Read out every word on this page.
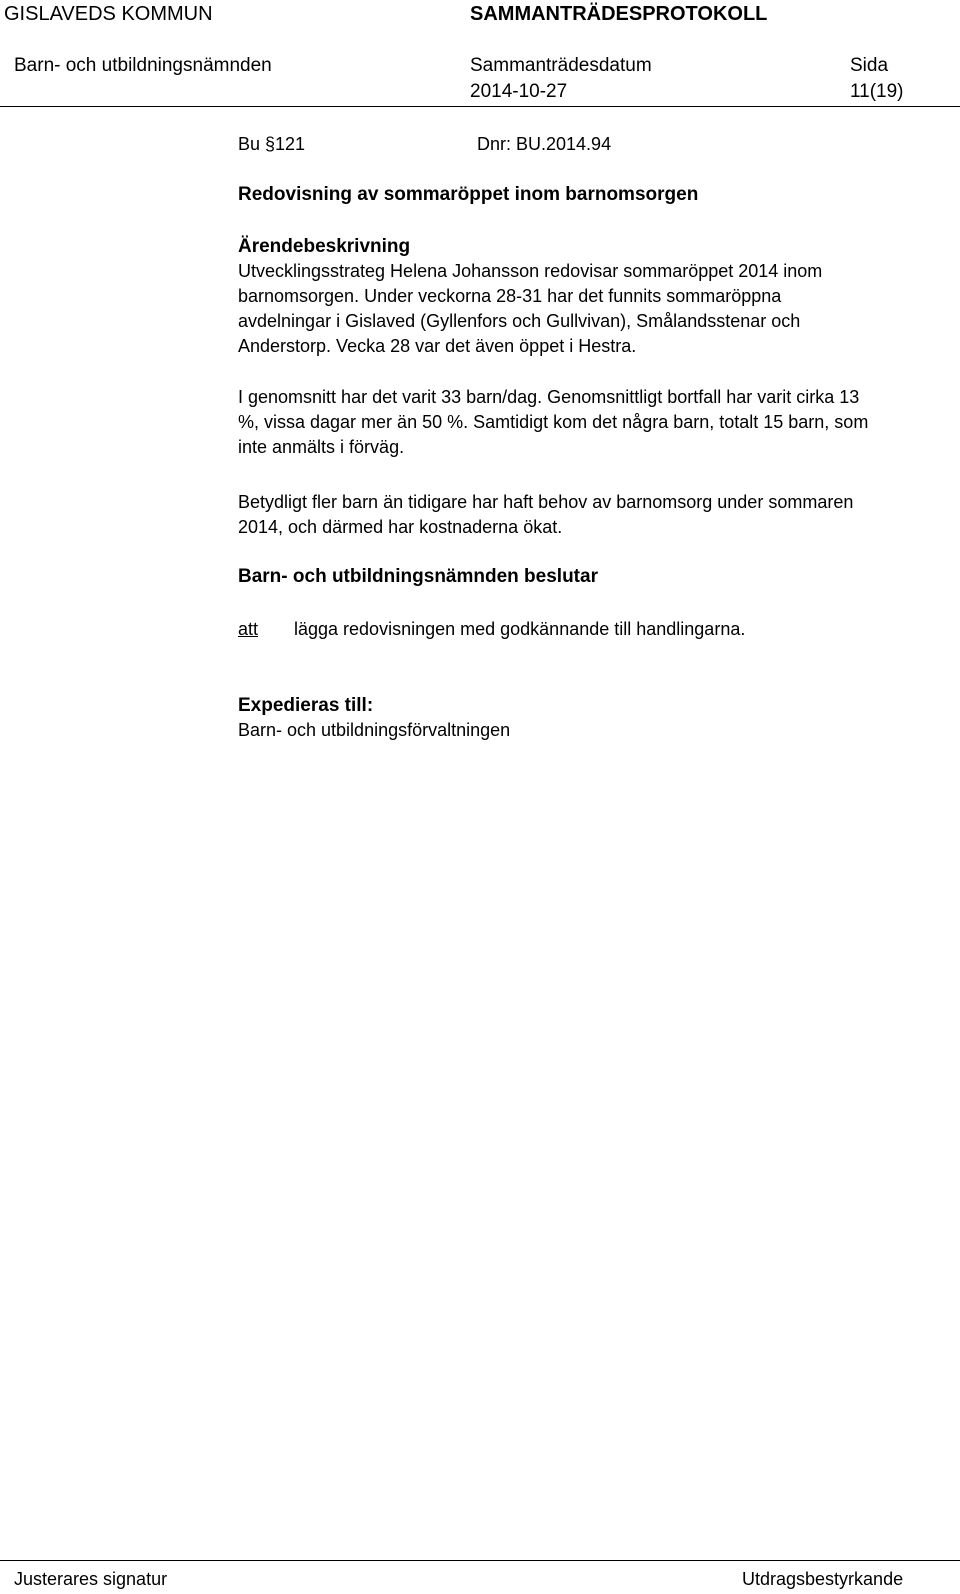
GISLAVEDS KOMMUN	SAMMANTRÄDESPROTOKOLL
Barn- och utbildningsnämnden	Sammanträdesdatum
2014-10-27
Sida
11(19)
Bu §121	Dnr: BU.2014.94
Redovisning av sommaröppet inom barnomsorgen
Ärendebeskrivning
Utvecklingsstrateg Helena Johansson redovisar sommaröppet 2014 inom
barnomsorgen. Under veckorna 28-31 har det funnits sommaröppna
avdelningar i Gislaved (Gyllenfors och Gullvivan), Smålandsstenar och
Anderstorp. Vecka 28 var det även öppet i Hestra.
I genomsnitt har det varit 33 barn/dag. Genomsnittligt bortfall har varit cirka 13
%, vissa dagar mer än 50 %. Samtidigt kom det några barn, totalt 15 barn, som
inte anmälts i förväg.
Betydligt fler barn än tidigare har haft behov av barnomsorg under sommaren
2014, och därmed har kostnaderna ökat.
Barn- och utbildningsnämnden beslutar
att lägga redovisningen med godkännande till handlingarna.
Expedieras till:
Barn- och utbildningsförvaltningen
Justerares signatur	Utdragsbestyrkande
